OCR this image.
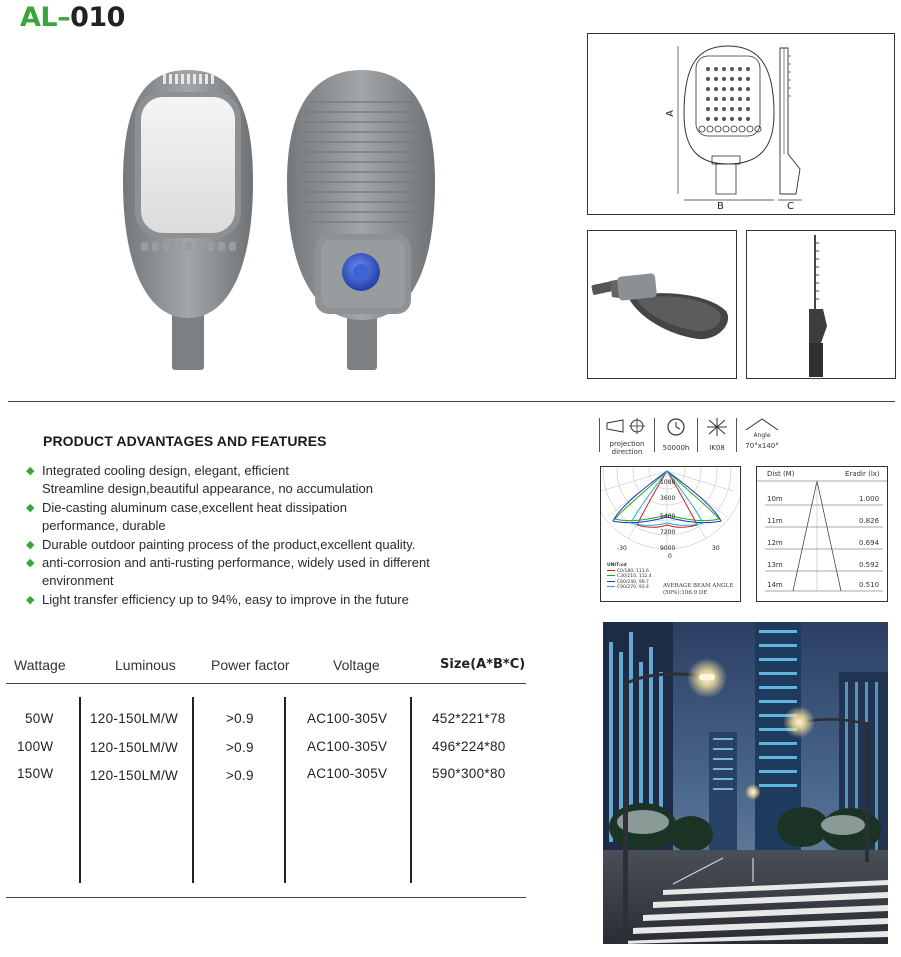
AL–010
A
B	C
PRODUCT ADVANTAGES AND FEATURES
◆ Integrated cooling design, elegant, efficient
Streamline design,beautiful appearance, no accumulation
◆ Die-casting aluminum case,excellent heat dissipation
performance, durable
◆ Durable outdoor painting process of the product,excellent quality.
◆ anti-corrosion and anti-rusting performance, widely used in different
environment
◆ Light transfer efficiency up to 94%, easy to improve in the future
projection
direction	50000h	IK08
Angle
70°x140°
1080
3600
5400
7200
9000
-30	30
0
UNIT:cd
C0/180, 113.6
C30/210, 112.4
C60/240, 99.7
C90/270, 93.4	AVERAGE BEAM ANGLE
(50%):106.9 DE
Dist (M)	Eradir (lx)
10m	1.000
11m	0.826
12m	0.694
13m	0.592
14m	0.510
Wattage	Luminous	Power factor	Voltage	Size(A*B*C)
50W	120-150LM/W	>0.9	AC100-305V	452*221*78
100W	120-150LM/W	>0.9	AC100-305V	496*224*80
150W	120-150LM/W	>0.9	AC100-305V	590*300*80
